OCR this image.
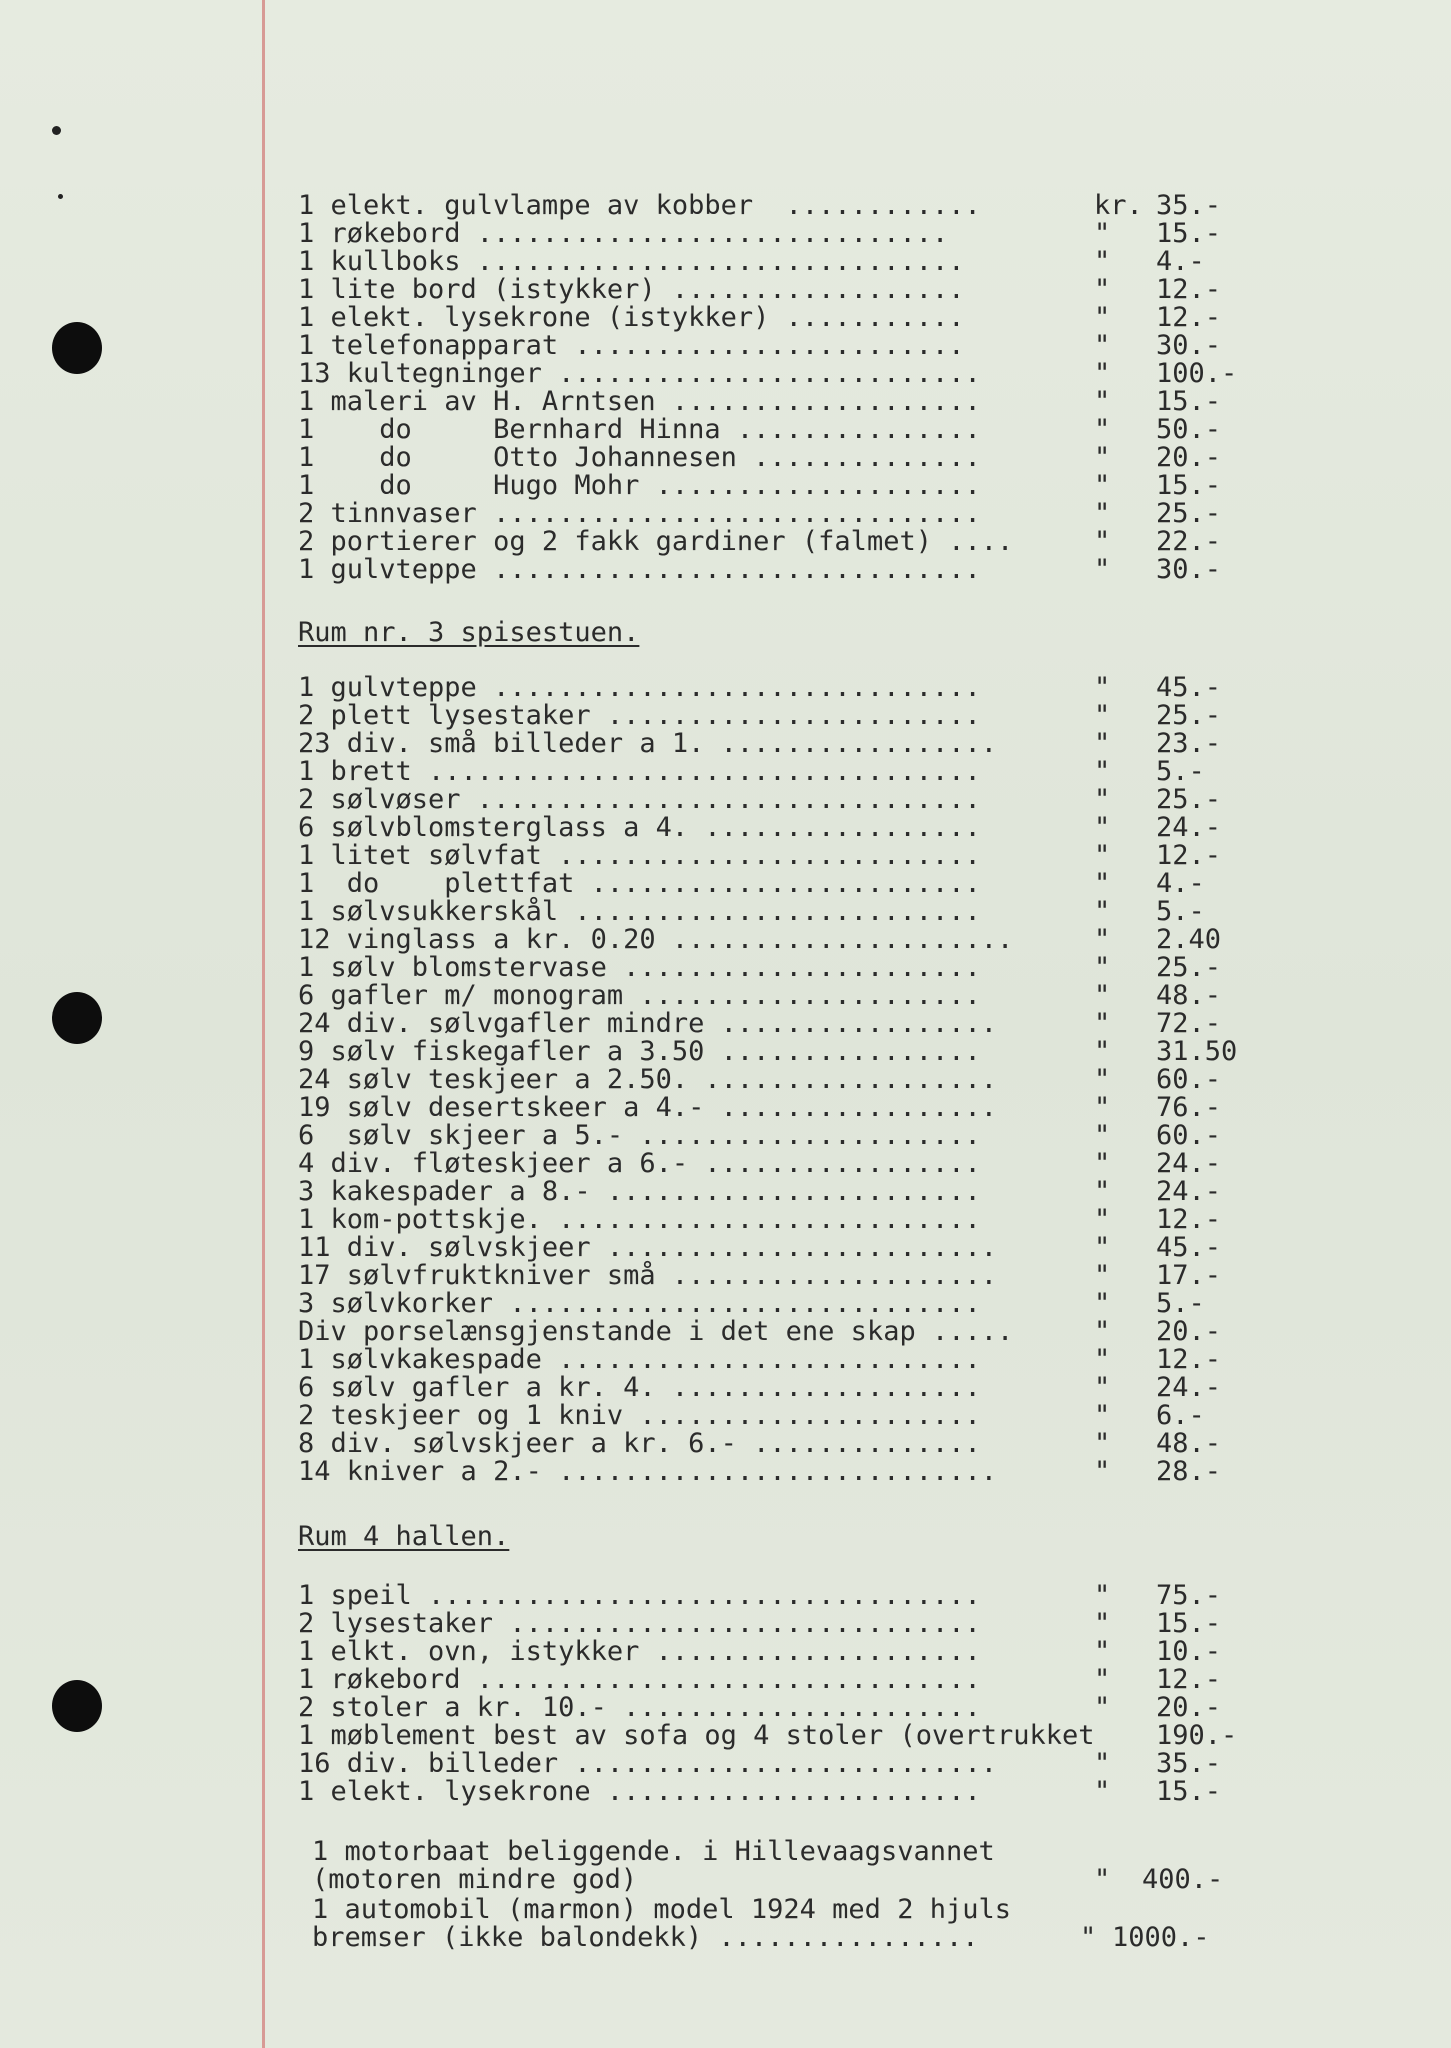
1 elekt. gulvlampe av kobber  ............	kr. 35.-
1 røkebord .............................	" 15.-
1 kullboks ..............................	" 4.-
1 lite bord (istykker) ..................	" 12.-
1 elekt. lysekrone (istykker) ...........	" 12.-
1 telefonapparat ........................	" 30.-
13 kultegninger ..........................	" 100.-
1 maleri av H. Arntsen ...................	" 15.-
1    do     Bernhard Hinna ...............	" 50.-
1    do     Otto Johannesen ..............	" 20.-
1    do     Hugo Mohr ....................	" 15.-
2 tinnvaser ..............................	" 25.-
2 portierer og 2 fakk gardiner (falmet) ....	" 22.-
1 gulvteppe ..............................	" 30.-
Rum nr. 3 spisestuen.
1 gulvteppe ..............................	" 45.-
2 plett lysestaker .......................	" 25.-
23 div. små billeder a 1. .................	" 23.-
1 brett ..................................	" 5.-
2 sølvøser ...............................	" 25.-
6 sølvblomsterglass a 4. .................	" 24.-
1 litet sølvfat ..........................	" 12.-
1  do    plettfat ........................	" 4.-
1 sølvsukkerskål .........................	" 5.-
12 vinglass a kr. 0.20 .....................	" 2.40
1 sølv blomstervase ......................	" 25.-
6 gafler m/ monogram .....................	" 48.-
24 div. sølvgafler mindre .................	" 72.-
9 sølv fiskegafler a 3.50 ................	" 31.50
24 sølv teskjeer a 2.50. ..................	" 60.-
19 sølv desertskeer a 4.- .................	" 76.-
6  sølv skjeer a 5.- .....................	" 60.-
4 div. fløteskjeer a 6.- .................	" 24.-
3 kakespader a 8.- .......................	" 24.-
1 kom-pottskje. ..........................	" 12.-
11 div. sølvskjeer ........................	" 45.-
17 sølvfruktkniver små ....................	" 17.-
3 sølvkorker .............................	" 5.-
Div porselænsgjenstande i det ene skap .....	" 20.-
1 sølvkakespade ..........................	" 12.-
6 sølv gafler a kr. 4. ...................	" 24.-
2 teskjeer og 1 kniv .....................	" 6.-
8 div. sølvskjeer a kr. 6.- ..............	" 48.-
14 kniver a 2.- ...........................	" 28.-
Rum 4 hallen.
1 speil ..................................	" 75.-
2 lysestaker .............................	" 15.-
1 elkt. ovn, istykker ....................	" 10.-
1 røkebord ...............................	" 12.-
2 stoler a kr. 10.- ......................	" 20.-
1 møblement best av sofa og 4 stoler (overtrukket 190.-
16 div. billeder ..........................	" 35.-
1 elekt. lysekrone .......................	" 15.-
1 motorbaat beliggende. i Hillevaagsvannet
(motoren mindre god)	" 400.-
1 automobil (marmon) model 1924 med 2 hjuls
bremser (ikke balondekk) ................	" 1000.-
